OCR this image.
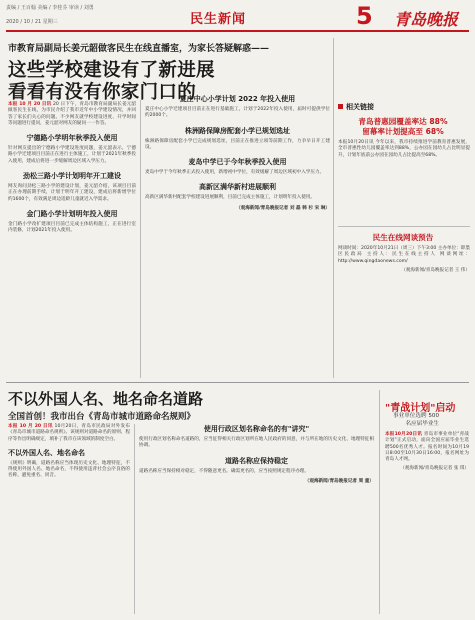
责编 / 王百翰 美编 / 李桂芬 审读 / 刘勇
2020 / 10 / 21 星期三	民生新闻	5 青岛晚报
市教育局副局长姜元韶做客民生在线直播室，为家长答疑解惑——
这些学校建设有了新进展
看看有没有你家门口的
本报 10 月 20 日讯 20 日下午，青岛市教育局副局长姜元韶做客民生在线，为市民介绍了我市近年中小学建设情况，并回答了家长们关心的问题。不少网友就学校建设进度、开学时间等问题进行提问，姜元韶对网友的疑问一一作答。
宁德路小学明年秋季投入使用
针对网友提出的宁德路小学建设进度问题，姜元韶表示，宁德路小学迁建项目目前正在进行主体施工，计划于2021年秋季投入使用，建成后将进一步缓解周边区域入学压力。
劲松三路小学计划明年开工建设
网友询问劲松三路小学的建设计划，姜元韶介绍，该项目目前正在办理前期手续，计划于明年开工建设，建成后将新增学位约1600个，有效满足周边适龄儿童就近入学需求。
金门路小学计划明年投入使用
金门路小学改扩建项目目前已完成主体结构施工，正在进行室内装修，计划2021年投入使用。
夏庄中心小学计划 2022 年投入使用
夏庄中心小学迁建项目目前正在进行基础施工，计划于2022年投入使用，届时可提供学位约2000个。
株洲路保障房配套小学已规划选址
株洲路保障房配套小学已完成规划选址，目前正在推进立项等前期工作，力争早日开工建设。
麦岛中学已于今年秋季投入使用
麦岛中学于今年秋季正式投入使用，新增初中学位，有效缓解了周边区域初中入学压力。
高新区满华新村进展顺利
高新区满华新村配套学校建设进展顺利，目前已完成主体施工，计划明年投入使用。
（观海新闻/青岛晚报记者 刘 磊 韩 杉 宋 琳）
相关链接
青岛普惠园覆盖率达 88%
留幕率计划提高至 68%
本报10月20日讯 今年以来，我市持续推进学前教育普惠发展，全市普惠性幼儿园覆盖率达到88%，公办园在园幼儿占比明显提升，计划年底前公办园在园幼儿占比提高至68%。
民生在线网谈预告
网谈时间：2020年10月21日（周三）下午3:00 主办单位：即墨区民政局 主持人：民生在线主持人 网谈网址：http://www.qingdaonews.com/
（观海新闻/青岛晚报记者 王 伟）
不以外国人名、地名命名道路
全国首创！我市出台《青岛市城市道路命名规则》
本报 10 月 20 日讯 10月20日，青岛市民政局对外发布《青岛市城市道路命名规则》。该规则对道路命名的原则、程序等作出明确规定，填补了我市在该领域的制度空白。
不以外国人名、地名命名
《规则》明确，道路名称应当体现历史文化、地理特征，不得使用外国人名、地名命名，不得使用违背社会公序良俗的名称，避免重名、同音。
使用行政区划名称命名的有"讲究"
使用行政区划名称命名道路的，应当征得相关行政区划所在地人民政府的同意，并与所在地的历史文化、地理特征相协调。
道路名称应保持稳定
道路名称应当保持相对稳定，不得随意更名。确需更名的，应当按照规定程序办理。
（观海新闻/青岛晚报记者 周 童）
"青战计划"启动
事业单位选聘 500
名应届毕业生
本报10月20日讯 青岛市事业单位"青战计划"正式启动，面向全国应届毕业生选聘500名优秀人才。报名时间为10月19日8:00至10月30日16:00，报名网址为青岛人才网。
（观海新闻/青岛晚报记者 张 琪）
